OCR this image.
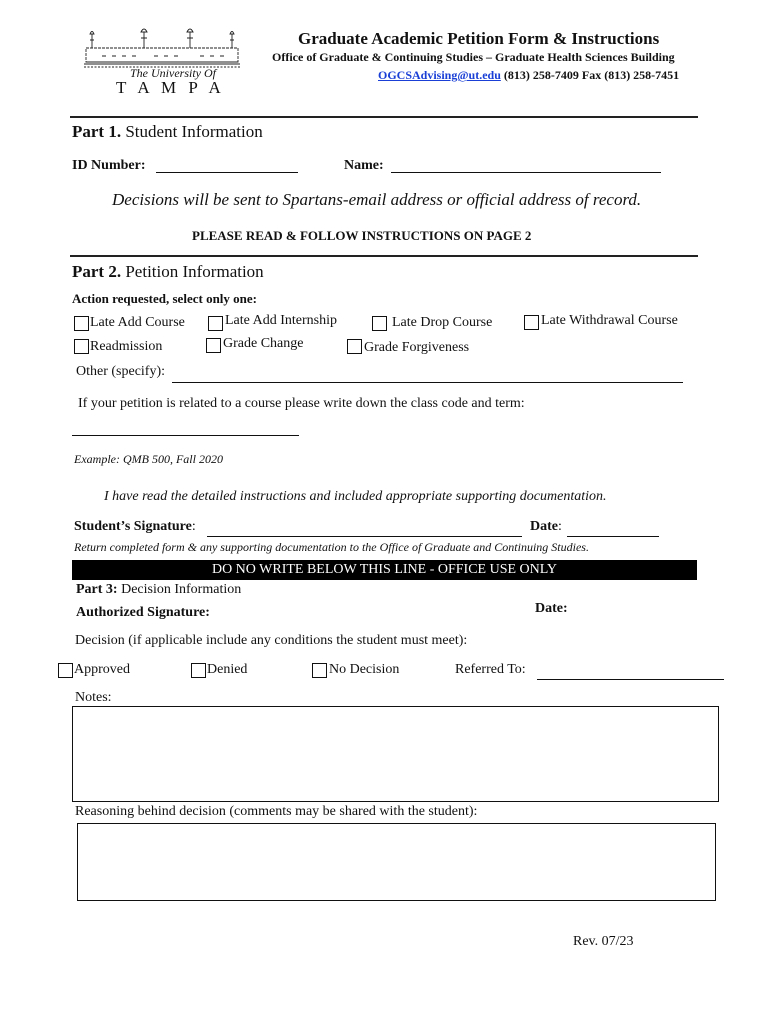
The University Of
T A M P A
Graduate Academic Petition Form & Instructions
Office of Graduate & Continuing Studies – Graduate Health Sciences Building
OGCSAdvising@ut.edu (813) 258-7409 Fax (813) 258-7451
Part 1. Student Information
ID Number:	Name:
Decisions will be sent to Spartans-email address or official address of record.
PLEASE READ & FOLLOW INSTRUCTIONS ON PAGE 2
Part 2. Petition Information
Action requested, select only one:
Late Add Course	Late Add Internship	Late Drop Course	Late Withdrawal Course
Readmission	Grade Change	Grade Forgiveness
Other (specify):
If your petition is related to a course please write down the class code and term:
Example: QMB 500, Fall 2020
I have read the detailed instructions and included appropriate supporting documentation.
Student’s Signature:	Date:
Return completed form & any supporting documentation to the Office of Graduate and Continuing Studies.
DO NO WRITE BELOW THIS LINE - OFFICE USE ONLY
Part 3: Decision Information
Authorized Signature:	Date:
Decision (if applicable include any conditions the student must meet):
Approved	Denied	No Decision	Referred To:
Notes:
Reasoning behind decision (comments may be shared with the student):
Rev. 07/23
